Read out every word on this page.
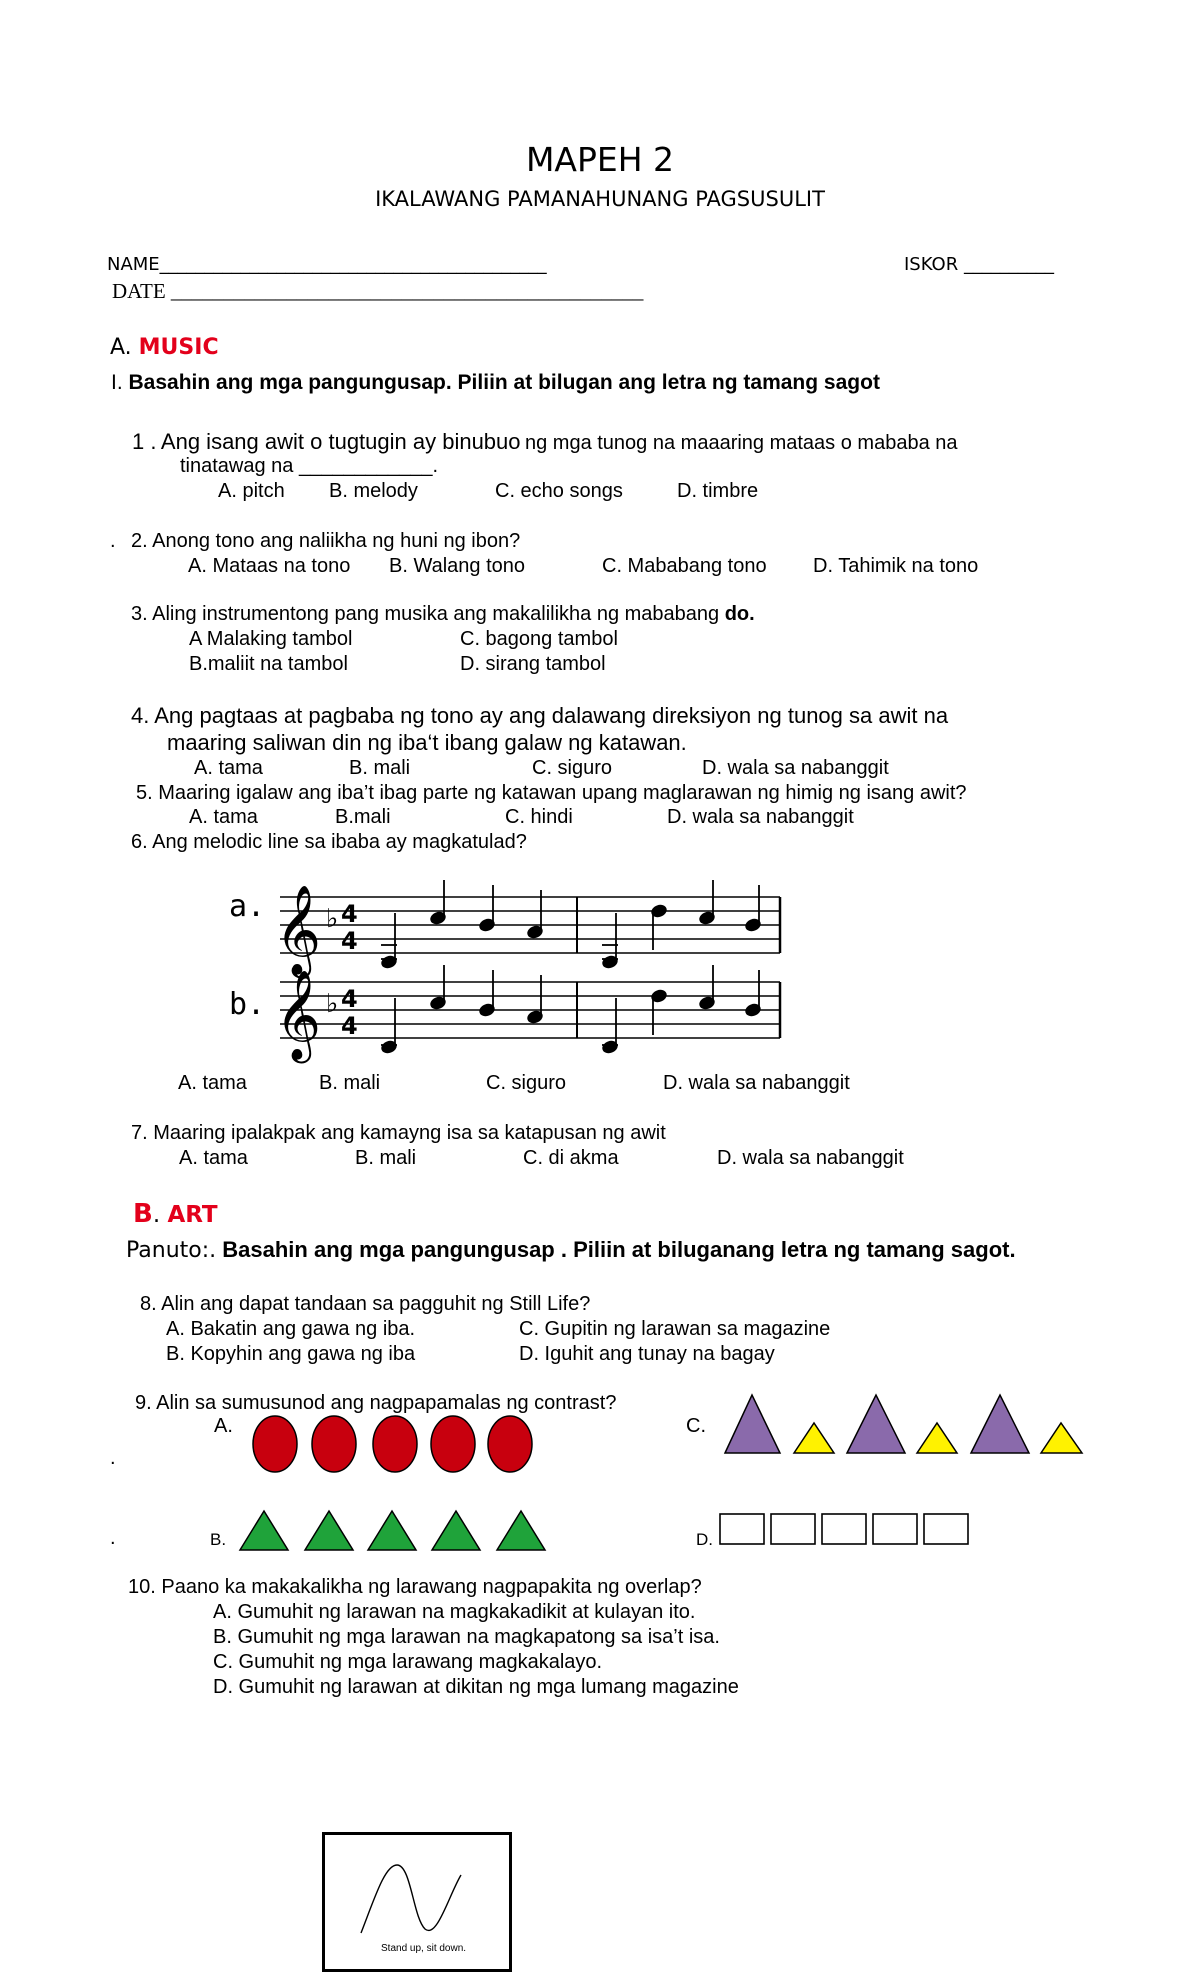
MAPEH 2
IKALAWANG PAMANAHUNANG PAGSUSULIT
NAME___________________________________________	ISKOR __________
DATE _____________________________________________
A. MUSIC
I. Basahin ang mga pangungusap. Piliin at bilugan ang letra ng tamang sagot
1 . Ang isang awit o tugtugin ay binubuo ng mga tunog na maaaring mataas o mababa na
tinatawag na ____________.
A. pitch B. melody	C. echo songs	D. timbre
. 2. Anong tono ang naliikha ng huni ng ibon?
A. Mataas na tono B. Walang tono	C. Mababang tono D. Tahimik na tono
3. Aling instrumentong pang musika ang makalilikha ng mababang do.
A Malaking tambol	C. bagong tambol
B.maliit na tambol	D. sirang tambol
4. Ang pagtaas at pagbaba ng tono ay ang dalawang direksiyon ng tunog sa awit na
maaring saliwan din ng iba‘t ibang galaw ng katawan.
A. tama	B. mali	C. siguro	D. wala sa nabanggit
5. Maaring igalaw ang iba’t ibag parte ng katawan upang maglarawan ng himig ng isang awit?
A. tama	B.mali	C. hindi	D. wala sa nabanggit
6. Ang melodic line sa ibaba ay magkatulad?
a.
b.
𝄞
𝄞
♭
♭
4
4
4
4
A. tama	B. mali	C. siguro	D. wala sa nabanggit
7. Maaring ipalakpak ang kamayng isa sa katapusan ng awit
A. tama	B. mali	C. di akma	D. wala sa nabanggit
B. ART
Panuto:. Basahin ang mga pangungusap . Piliin at biluganang letra ng tamang sagot.
8. Alin ang dapat tandaan sa pagguhit ng Still Life?
A. Bakatin ang gawa ng iba.	C. Gupitin ng larawan sa magazine
B. Kopyhin ang gawa ng iba	D. Iguhit ang tunay na bagay
9. Alin sa sumusunod ang nagpapamalas ng contrast?
A.	C.
.
B.	D.
.
10. Paano ka makakalikha ng larawang nagpapakita ng overlap?
A. Gumuhit ng larawan na magkakadikit at kulayan ito.
B. Gumuhit ng mga larawan na magkapatong sa isa’t isa.
C. Gumuhit ng mga larawang magkakalayo.
D. Gumuhit ng larawan at dikitan ng mga lumang magazine
Stand up, sit down.
